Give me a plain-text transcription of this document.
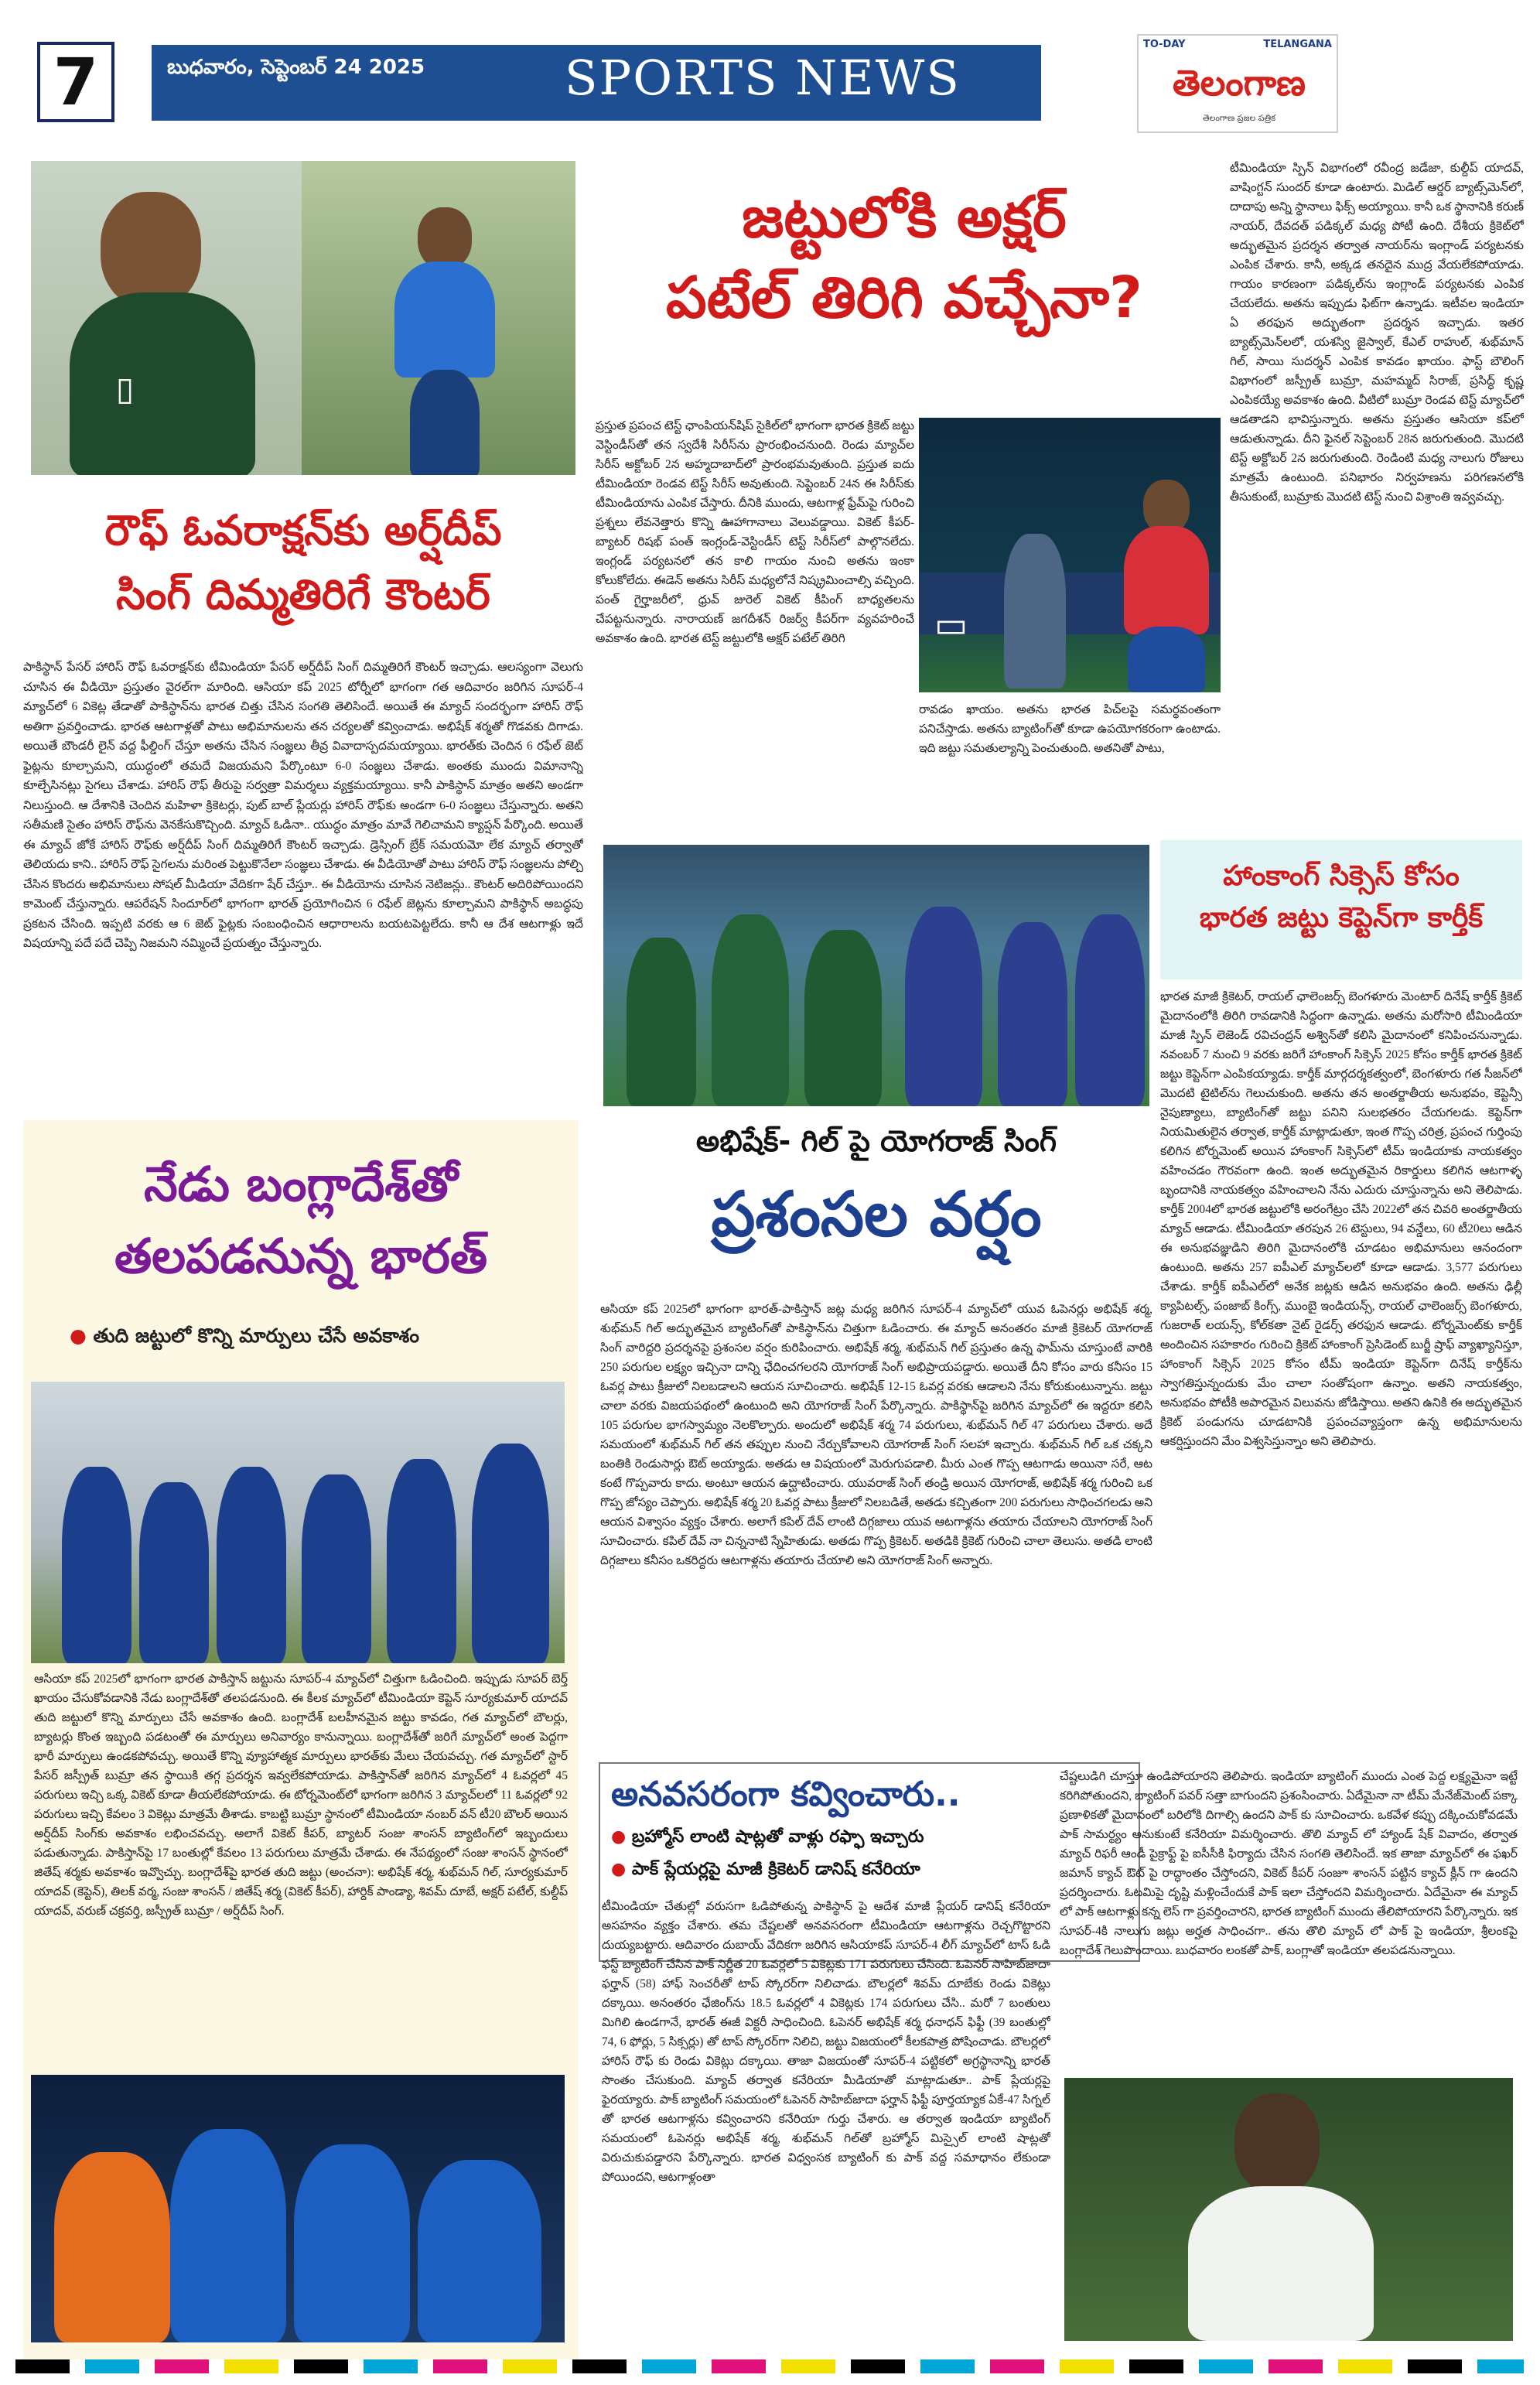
7	బుధవారం, సెప్టెంబర్ 24 2025	SPORTS NEWS
TO-DAY	TELANGANA
తెలంగాణ
తెలంగాణ ప్రజల పత్రిక
▯
రౌఫ్ ఓవరాక్షన్‌కు అర్ష్‌దీప్
సింగ్ దిమ్మతిరిగే కౌంటర్
పాకిస్థాన్ పేసర్ హారిస్ రౌఫ్ ఓవరాక్షన్‌కు టీమిండియా పేసర్ అర్ష్‌దీప్ సింగ్ దిమ్మతిరిగే కౌంటర్ ఇచ్చాడు. ఆలస్యంగా వెలుగు చూసిన ఈ వీడియో ప్రస్తుతం వైరల్‌గా మారింది. ఆసియా కప్ 2025 టోర్నీలో భాగంగా గత ఆదివారం జరిగిన సూపర్-4 మ్యాచ్‌లో 6 వికెట్ల తేడాతో పాకిస్థాన్‌ను భారత చిత్తు చేసిన సంగతి తెలిసిందే. అయితే ఈ మ్యాచ్ సందర్భంగా హారిస్ రౌఫ్ అతిగా ప్రవర్తించాడు. భారత ఆటగాళ్లతో పాటు అభిమానులను తన చర్యలతో కవ్వించాడు. అభిషేక్ శర్మతో గొడవకు దిగాడు. అయితే బౌండరీ లైన్ వద్ద ఫీల్డింగ్ చేస్తూ అతను చేసిన సంజ్ఞలు తీవ్ర వివాదాస్పదమయ్యాయి. భారత్‌కు చెందిన 6 రఫేల్ జెట్ ఫైట్లను కూల్చామని, యుద్ధంలో తమదే విజయమని పేర్కొంటూ 6-0 సంజ్ఞలు చేశాడు. అంతకు ముందు విమానాన్ని కూల్చేసినట్లు సైగలు చేశాడు. హారిస్ రౌఫ్ తీరుపై సర్వత్రా విమర్శలు వ్యక్తమయ్యాయి. కానీ పాకిస్థాన్ మాత్రం అతని అండగా నిలుస్తుంది. ఆ దేశానికి చెందిన మహిళా క్రికెటర్లు, పుట్ బాల్ ప్లేయర్లు హారిస్ రౌఫ్‌కు అండగా 6-0 సంజ్ఞలు చేస్తున్నారు. అతని సతీమణి సైతం హారిస్ రౌఫ్‌ను వెనకేసుకొచ్చింది. మ్యాచ్ ఓడినా.. యుద్ధం మాత్రం మావే గెలిచామని క్యాప్షన్ పేర్కొంది. అయితే ఈ మ్యాచ్ జోకే హారిస్ రౌఫ్‌కు అర్ష్‌దీప్ సింగ్ దిమ్మతిరిగే కౌంటర్ ఇచ్చాడు. డ్రెస్సింగ్ బ్రేక్ సమయమో లేక మ్యాచ్ తర్వాతో తెలియదు కాని.. హారిస్ రౌఫ్ సైగలను మరింత పెట్టుకొనేలా సంజ్ఞలు చేశాడు. ఈ వీడియోతో పాటు హారిస్ రౌఫ్ సంజ్ఞలను పోల్చి చేసిన కొందరు అభిమానులు సోషల్ మీడియా వేదికగా షేర్ చేస్తూ.. ఈ వీడియోను చూసిన నెటిజన్లు.. కౌంటర్ అదిరిపోయిందని కామెంట్ చేస్తున్నారు. ఆపరేషన్ సిందూర్‌లో భాగంగా భారత్ ప్రయోగించిన 6 రఫేల్ జెట్లను కూల్చామని పాకిస్థాన్ అబద్ధపు ప్రకటన చేసింది. ఇప్పటి వరకు ఆ 6 జెట్ ఫైట్లకు సంబంధించిన ఆధారాలను బయటపెట్టలేదు. కానీ ఆ దేశ ఆటగాళ్లు ఇదే విషయాన్ని పదే పదే చెప్పి నిజమని నమ్మించే ప్రయత్నం చేస్తున్నారు.
జట్టులోకి అక్షర్
పటేల్ తిరిగి వచ్చేనా?
ప్రస్తుత ప్రపంచ టెస్ట్ ఛాంపియన్‌షిప్ సైకిల్‌లో భాగంగా భారత క్రికెట్ జట్టు వెస్టిండీస్‌తో తన స్వదేశీ సిరీస్‌ను ప్రారంభించనుంది. రెండు మ్యాచ్‌ల సిరీస్ అక్టోబర్ 2న అహ్మదాబాద్‌లో ప్రారంభమవుతుంది. ప్రస్తుత ఐదు టీమిండియా రెండవ టెస్ట్ సిరీస్ అవుతుంది. సెప్టెంబర్ 24న ఈ సిరీస్‌కు టీమిండియాను ఎంపిక చేస్తారు. దీనికి ముందు, ఆటగాళ్ల ఫ్రేమ్‌పై గురించి ప్రశ్నలు లేవనెత్తారు కొన్ని ఊహాగానాలు వెలువడ్డాయి. వికెట్ కీపర్-బ్యాటర్ రిషభ్ పంత్ ఇంగ్లండ్-వెస్టిండీస్ టెస్ట్ సిరీస్‌లో పాల్గొనలేదు. ఇంగ్లండ్ పర్యటనలో తన కాలి గాయం నుంచి అతను ఇంకా కోలుకోలేదు. ఈడెన్ అతను సిరీస్ మధ్యలోనే నిష్క్రమించాల్సి వచ్చింది. పంత్ గైర్హాజరీలో, ధ్రువ్ జురెల్ వికెట్ కీపింగ్ బాధ్యతలను చేపట్టనున్నారు. నారాయణ్ జగదీశన్ రిజర్వ్ కీపర్‌గా వ్యవహరించే అవకాశం ఉంది. భారత టెస్ట్ జట్టులోకి అక్షర్ పటేల్ తిరిగి	▭
రావడం ఖాయం. అతను భారత పిచ్‌లపై సమర్థవంతంగా పనిచేస్తాడు. అతను బ్యాటింగ్‌తో కూడా ఉపయోగకరంగా ఉంటాడు. ఇది జట్టు సమతుల్యాన్ని పెంచుతుంది. అతనితో పాటు,
టీమిండియా స్పిన్ విభాగంలో రవీంద్ర జడేజా, కుల్దీప్ యాదవ్, వాషింగ్టన్ సుందర్ కూడా ఉంటారు. మిడిల్ ఆర్డర్ బ్యాట్స్‌మెన్‌లో, దాదాపు అన్ని స్థానాలు ఫిక్స్ అయ్యాయి. కానీ ఒక స్థానానికి కరుణ్ నాయర్, దేవదత్ పడిక్కల్ మధ్య పోటీ ఉంది. దేశీయ క్రికెట్‌లో అద్భుతమైన ప్రదర్శన తర్వాత నాయర్‌ను ఇంగ్లాండ్ పర్యటనకు ఎంపిక చేశారు. కానీ, అక్కడ తనదైన ముద్ర వేయలేకపోయాడు. గాయం కారణంగా పడిక్కల్‌ను ఇంగ్లాండ్ పర్యటనకు ఎంపిక చేయలేదు. అతను ఇప్పుడు ఫిట్‌గా ఉన్నాడు. ఇటీవల ఇండియా ఏ తరఫున అద్భుతంగా ప్రదర్శన ఇచ్చాడు. ఇతర బ్యాట్స్‌మెన్‌లలో, యశస్వి జైస్వాల్, కేఎల్ రాహుల్, శుభ్‌మాన్ గిల్, సాయి సుదర్శన్ ఎంపిక కావడం ఖాయం. ఫాస్ట్ బౌలింగ్ విభాగంలో జస్ప్రీత్ బుమ్రా, మహమ్మద్ సిరాజ్, ప్రసిద్ధ్ కృష్ణ ఎంపికయ్యే అవకాశం ఉంది. వీటిలో బుమ్రా రెండవ టెస్ట్ మ్యాచ్‌లో ఆడతాడని భావిస్తున్నారు. అతను ప్రస్తుతం ఆసియా కప్‌లో ఆడుతున్నాడు. దీని ఫైనల్ సెప్టెంబర్ 28న జరుగుతుంది. మొదటి టెస్ట్ అక్టోబర్ 2న జరుగుతుంది. రెండింటి మధ్య నాలుగు రోజులు మాత్రమే ఉంటుంది. పనిభారం నిర్వహణను పరిగణనలోకి తీసుకుంటే, బుమ్రాకు మొదటి టెస్ట్ నుంచి విశ్రాంతి ఇవ్వవచ్చు.
హాంకాంగ్ సిక్సెస్ కోసం
భారత జట్టు కెప్టెన్‌గా కార్తీక్
భారత మాజీ క్రికెటర్, రాయల్ ఛాలెంజర్స్ బెంగళూరు మెంటార్ దినేష్ కార్తీక్ క్రికెట్ మైదానంలోకి తిరిగి రావడానికి సిద్ధంగా ఉన్నాడు. అతను మరోసారి టీమిండియా మాజీ స్పిన్ లెజెండ్ రవిచంద్రన్ అశ్విన్‌తో కలిసి మైదానంలో కనిపించనున్నాడు. నవంబర్ 7 నుంచి 9 వరకు జరిగే హాంకాంగ్ సిక్సెస్ 2025 కోసం కార్తీక్ భారత క్రికెట్ జట్టు కెప్టెన్‌గా ఎంపికయ్యాడు. కార్తీక్ మార్గదర్శకత్వంలో, బెంగళూరు గత సీజన్‌లో మొదటి టైటిల్‌ను గెలుచుకుంది. అతను తన అంతర్జాతీయ అనుభవం, కెప్టెన్సీ నైపుణ్యాలు, బ్యాటింగ్‌తో జట్టు పనిని సులభతరం చేయగలడు. కెప్టెన్‌గా నియమితులైన తర్వాత, కార్తీక్ మాట్లాడుతూ, ఇంత గొప్ప చరిత్ర, ప్రపంచ గుర్తింపు కలిగిన టోర్నమెంట్ అయిన హాంకాంగ్ సిక్సెస్‌లో టీమ్ ఇండియాకు నాయకత్వం వహించడం గౌరవంగా ఉంది. ఇంత అద్భుతమైన రికార్డులు కలిగిన ఆటగాళ్ళ బృందానికి నాయకత్వం వహించాలని నేను ఎదురు చూస్తున్నాను అని తెలిపాడు. కార్తీక్ 2004లో భారత జట్టులోకి అరంగేట్రం చేసి 2022లో తన చివరి అంతర్జాతీయ మ్యాచ్ ఆడాడు. టీమిండియా తరపున 26 టెస్టులు, 94 వన్డేలు, 60 టీ20లు ఆడిన ఈ అనుభవజ్ఞుడిని తిరిగి మైదానంలోకి చూడటం అభిమానులు ఆనందంగా ఉంటుంది. అతను 257 ఐపీఎల్ మ్యాచ్‌లలో కూడా ఆడాడు. 3,577 పరుగులు చేశాడు. కార్తీక్ ఐపీఎల్‌లో అనేక జట్లకు ఆడిన అనుభవం ఉంది. అతను ఢిల్లీ క్యాపిటల్స్, పంజాబ్ కింగ్స్, ముంబై ఇండియన్స్, రాయల్ ఛాలెంజర్స్ బెంగళూరు, గుజరాత్ లయన్స్, కోల్‌కతా నైట్ రైడర్స్ తరఫున ఆడాడు. టోర్నమెంట్‌కు కార్తీక్ అందించిన సహకారం గురించి క్రికెట్ హాంకాంగ్ ప్రెసిడెంట్ బుర్జీ ష్రాఫ్ వ్యాఖ్యానిస్తూ, హాంకాంగ్ సిక్సెస్ 2025 కోసం టీమ్ ఇండియా కెప్టెన్‌గా దినేష్ కార్తీక్‌ను స్వాగతిస్తున్నందుకు మేం చాలా సంతోషంగా ఉన్నాం. అతని నాయకత్వం, అనుభవం పోటీకి అపారమైన విలువను జోడిస్తాయి. అతని ఉనికి ఈ అద్భుతమైన క్రికెట్ పండుగను చూడటానికి ప్రపంచవ్యాప్తంగా ఉన్న అభిమానులను ఆకర్షిస్తుందని మేం విశ్వసిస్తున్నాం అని తెలిపారు.
అభిషేక్- గిల్ పై యోగరాజ్ సింగ్
ప్రశంసల వర్షం
ఆసియా కప్ 2025లో భాగంగా భారత్-పాకిస్తాన్ జట్ల మధ్య జరిగిన సూపర్-4 మ్యాచ్‌లో యువ ఓపెనర్లు అభిషేక్ శర్మ, శుభ్‌మన్ గిల్ అద్భుతమైన బ్యాటింగ్‌తో పాకిస్థాన్‌ను చిత్తుగా ఓడించారు. ఈ మ్యాచ్ అనంతరం మాజీ క్రికెటర్ యోగరాజ్ సింగ్ వారిద్దరి ప్రదర్శనపై ప్రశంసల వర్షం కురిపించారు. అభిషేక్ శర్మ, శుభ్‌మన్ గిల్ ప్రస్తుతం ఉన్న ఫామ్‌ను చూస్తుంటే వారికి 250 పరుగుల లక్ష్యం ఇచ్చినా దాన్ని ఛేదించగలరని యోగరాజ్ సింగ్ అభిప్రాయపడ్డారు. అయితే దీని కోసం వారు కనీసం 15 ఓవర్ల పాటు క్రీజులో నిలబడాలని ఆయన సూచించారు. అభిషేక్ 12-15 ఓవర్ల వరకు ఆడాలని నేను కోరుకుంటున్నాను. జట్టు చాలా వరకు విజయపథంలో ఉంటుంది అని యోగరాజ్ సింగ్ పేర్కొన్నారు. పాకిస్థాన్‌పై జరిగిన మ్యాచ్‌లో ఈ ఇద్దరూ కలిసి 105 పరుగుల భాగస్వామ్యం నెలకొల్పారు. అందులో అభిషేక్ శర్మ 74 పరుగులు, శుభ్‌మన్ గిల్ 47 పరుగులు చేశారు. అదే సమయంలో శుభ్‌మన్ గిల్ తన తప్పుల నుంచి నేర్చుకోవాలని యోగరాజ్ సింగ్ సలహా ఇచ్చారు. శుభ్‌మన్ గిల్ ఒక చక్కని బంతికి రెండుసార్లు ఔట్ అయ్యాడు. అతడు ఆ విషయంలో మెరుగుపడాలి. మీరు ఎంత గొప్ప ఆటగాడు అయినా సరే, ఆట కంటే గొప్పవారు కాదు. అంటూ ఆయన ఉద్ఘాటించారు. యువరాజ్ సింగ్ తండ్రి అయిన యోగరాజ్, అభిషేక్ శర్మ గురించి ఒక గొప్ప జోస్యం చెప్పారు. అభిషేక్ శర్మ 20 ఓవర్ల పాటు క్రీజులో నిలబడితే, అతడు కచ్చితంగా 200 పరుగులు సాధించగలడు అని ఆయన విశ్వాసం వ్యక్తం చేశారు. అలాగే కపిల్ దేవ్ లాంటి దిగ్గజాలు యువ ఆటగాళ్లను తయారు చేయాలని యోగరాజ్ సింగ్ సూచించారు. కపిల్ దేవ్ నా చిన్ననాటి స్నేహితుడు. అతడు గొప్ప క్రికెటర్. అతడికి క్రికెట్ గురించి చాలా తెలుసు. అతడి లాంటి దిగ్గజాలు కనీసం ఒకరిద్దరు ఆటగాళ్లను తయారు చేయాలి అని యోగరాజ్ సింగ్ అన్నారు.
నేడు బంగ్లాదేశ్‌తో
తలపడనున్న భారత్
● తుది జట్టులో కొన్ని మార్పులు చేసే అవకాశం
ఆసియా కప్ 2025లో భాగంగా భారత పాకిస్తాన్ జట్టును సూపర్-4 మ్యాచ్‌లో చిత్తుగా ఓడించింది. ఇప్పుడు సూపర్ బెర్త్ ఖాయం చేసుకోవడానికి నేడు బంగ్లాదేశ్‌తో తలపడనుంది. ఈ కీలక మ్యాచ్‌లో టీమిండియా కెప్టెన్ సూర్యకుమార్ యాదవ్ తుది జట్టులో కొన్ని మార్పులు చేసే అవకాశం ఉంది. బంగ్లాదేశ్ బలహీనమైన జట్టు కావడం, గత మ్యాచ్‌లో బౌలర్లు, బ్యాటర్లు కొంత ఇబ్బంది పడటంతో ఈ మార్పులు అనివార్యం కానున్నాయి. బంగ్లాదేశ్‌తో జరిగే మ్యాచ్‌లో అంత పెద్దగా భారీ మార్పులు ఉండకపోవచ్చు. అయితే కొన్ని వ్యూహాత్మక మార్పులు భారత్‌కు మేలు చేయవచ్చు. గత మ్యాచ్‌లో స్టార్ పేసర్ జస్ప్రీత్ బుమ్రా తన స్థాయికి తగ్గ ప్రదర్శన ఇవ్వలేకపోయాడు. పాకిస్తాన్‌తో జరిగిన మ్యాచ్‌లో 4 ఓవర్లలో 45 పరుగులు ఇచ్చి ఒక్క వికెట్ కూడా తీయలేకపోయాడు. ఈ టోర్నమెంట్‌లో భాగంగా జరిగిన 3 మ్యాచ్‌లలో 11 ఓవర్లలో 92 పరుగులు ఇచ్చి కేవలం 3 వికెట్లు మాత్రమే తీశాడు. కాబట్టి బుమ్రా స్థానంలో టీమిండియా నంబర్ వన్ టీ20 బౌలర్ అయిన అర్ష్‌దీప్ సింగ్‌కు అవకాశం లభించవచ్చు. అలాగే వికెట్ కీపర్, బ్యాటర్ సంజు శాంసన్ బ్యాటింగ్‌లో ఇబ్బందులు పడుతున్నాడు. పాకిస్తాన్‌పై 17 బంతుల్లో కేవలం 13 పరుగులు మాత్రమే చేశాడు. ఈ నేపథ్యంలో సంజు శాంసన్ స్థానంలో జితేష్ శర్మకు అవకాశం ఇవ్వొచ్చు. బంగ్లాదేశ్‌పై భారత తుది జట్టు (అంచనా): అభిషేక్ శర్మ, శుభ్‌మన్ గిల్, సూర్యకుమార్ యాదవ్ (కెప్టెన్), తిలక్ వర్మ, సంజు శాంసన్ / జితేష్ శర్మ (వికెట్ కీపర్), హార్దిక్ పాండ్యా, శివమ్ దూబే, అక్షర్ పటేల్, కుల్దీప్ యాదవ్, వరుణ్ చక్రవర్తి, జస్ప్రీత్ బుమ్రా / అర్ష్‌దీప్ సింగ్.
అనవసరంగా కవ్వించారు..
● బ్రహ్మోస్ లాంటి షాట్లతో వాళ్లు రఫ్ఫా ఇచ్చారు
● పాక్ ప్లేయర్లపై మాజీ క్రికెటర్ డానిష్ కనేరియా
టీమిండియా చేతుల్లో వరుసగా ఓడిపోతున్న పాకిస్థాన్ పై ఆదేశ మాజీ ప్లేయర్ డానిష్ కనేరియా అసహనం వ్యక్తం చేశారు. తమ చేష్టలతో అనవసరంగా టీమిండియా ఆటగాళ్లను రెచ్చగొట్టారని దుయ్యబట్టారు. ఆదివారం దుబాయ్ వేదికగా జరిగిన ఆసియాకప్ సూపర్-4 లీగ్ మ్యాచ్‌లో టాస్ ఓడి ఫస్ట్ బ్యాటింగ్ చేసిన పాక్ నిర్ణీత 20 ఓవర్లలో 5 వికెట్లకు 171 పరుగులు చేసింది. ఓపెనర్ సాహిబ్‌జాదా ఫర్హాన్ (58) హాఫ్ సెంచరీతో టాప్ స్కోరర్‌గా నిలిచాడు. బౌలర్లలో శివమ్ దూబేకు రెండు వికెట్లు దక్కాయి. అనంతరం ఛేజింగ్‌ను 18.5 ఓవర్లలో 4 వికెట్లకు 174 పరుగులు చేసి.. మరో 7 బంతులు మిగిలి ఉండగానే, భారత్ ఈజీ విక్టరీ సాధించింది. ఓపెనర్ అభిషేక్ శర్మ ధనాధన్ ఫిఫ్టీ (39 బంతుల్లో 74, 6 ఫోర్లు, 5 సిక్సర్లు) తో టాప్ స్కోరర్‌గా నిలిచి, జట్టు విజయంలో కీలకపాత్ర పోషించాడు. బౌలర్లలో హారిస్ రౌఫ్ కు రెండు వికెట్లు దక్కాయి. తాజా విజయంతో సూపర్-4 పట్టికలో అగ్రస్థానాన్ని భారత్ సొంతం చేసుకుంది. మ్యాచ్ తర్వాత కనేరియా మీడియాతో మాట్లాడుతూ.. పాక్ ప్లేయర్లపై ఫైరయ్యారు. పాక్ బ్యాటింగ్ సమయంలో ఓపెనర్ సాహిబ్‌జాదా ఫర్హాన్ ఫిఫ్టీ పూర్తయ్యాక ఏకే-47 సిగ్నల్ తో భారత ఆటగాళ్లను కవ్వించారని కనేరియా గుర్తు చేశారు. ఆ తర్వాత ఇండియా బ్యాటింగ్ సమయంలో ఓపెనర్లు అభిషేక్ శర్మ, శుభ్‌మన్ గిల్‌తో బ్రహ్మోస్ మిస్సైల్ లాంటి షాట్లతో విరుచుకుపడ్డారని పేర్కొన్నారు. భారత విధ్వంసక బ్యాటింగ్ కు పాక్ వద్ద సమాధానం లేకుండా పోయిందని, ఆటగాళ్లంతా
చేష్టలుడిగి చూస్తూ ఉండిపోయారని తెలిపారు. ఇండియా బ్యాటింగ్ ముందు ఎంత పెద్ద లక్ష్యమైనా ఇట్టే కరిగిపోతుందని, బ్యాటింగ్ పవర్ సత్తా బాగుందని ప్రశంసించారు. ఏదేమైనా నా టీమ్ మేనేజ్‌మెంట్ పక్కా ప్రణాళికతో మైదానంలో బరిలోకి దిగాల్సి ఉందని పాక్ కు సూచించారు. ఒకవేళ కప్పు దక్కించుకోవడమే పాక్ సామర్థ్యం అనుకుంటే కనేరియా విమర్శించారు. తొలి మ్యాచ్ లో హ్యాండ్ షేక్ వివాదం, తర్వాత మ్యాచ్ రిఫరీ ఆండీ పైక్రాఫ్ట్ పై ఐసీసీకి ఫిర్యాదు చేసిన సంగతి తెలిసిందే. ఇక తాజా మ్యాచ్‌లో ఈ ఫఖర్ జమాన్ క్యాచ్ ఔట్ పై రాద్ధాంతం చేస్తోందని, వికెట్ కీపర్ సంజూ శాంసన్ పట్టిన క్యాచ్ క్లీన్ గా ఉందని ప్రదర్శించారు. ఓటమిపై దృష్టి మళ్లించేందుకే పాక్ ఇలా చేస్తోందని విమర్శించారు. ఏదేమైనా ఈ మ్యాచ్ లో పాక్ ఆటగాళ్లు కన్న లెస్ గా ప్రవర్తించారని, భారత బ్యాటింగ్ ముందు తేలిపోయారని పేర్కొన్నారు. ఇక సూపర్-4కి నాలుగు జట్లు అర్హత సాధించగా.. తను తొలి మ్యాచ్ లో పాక్ పై ఇండియా, శ్రీలంకపై బంగ్లాదేశ్ గెలుపొందాయి. బుధవారం లంకతో పాక్, బంగ్లాతో ఇండియా తలపడనున్నాయి.
